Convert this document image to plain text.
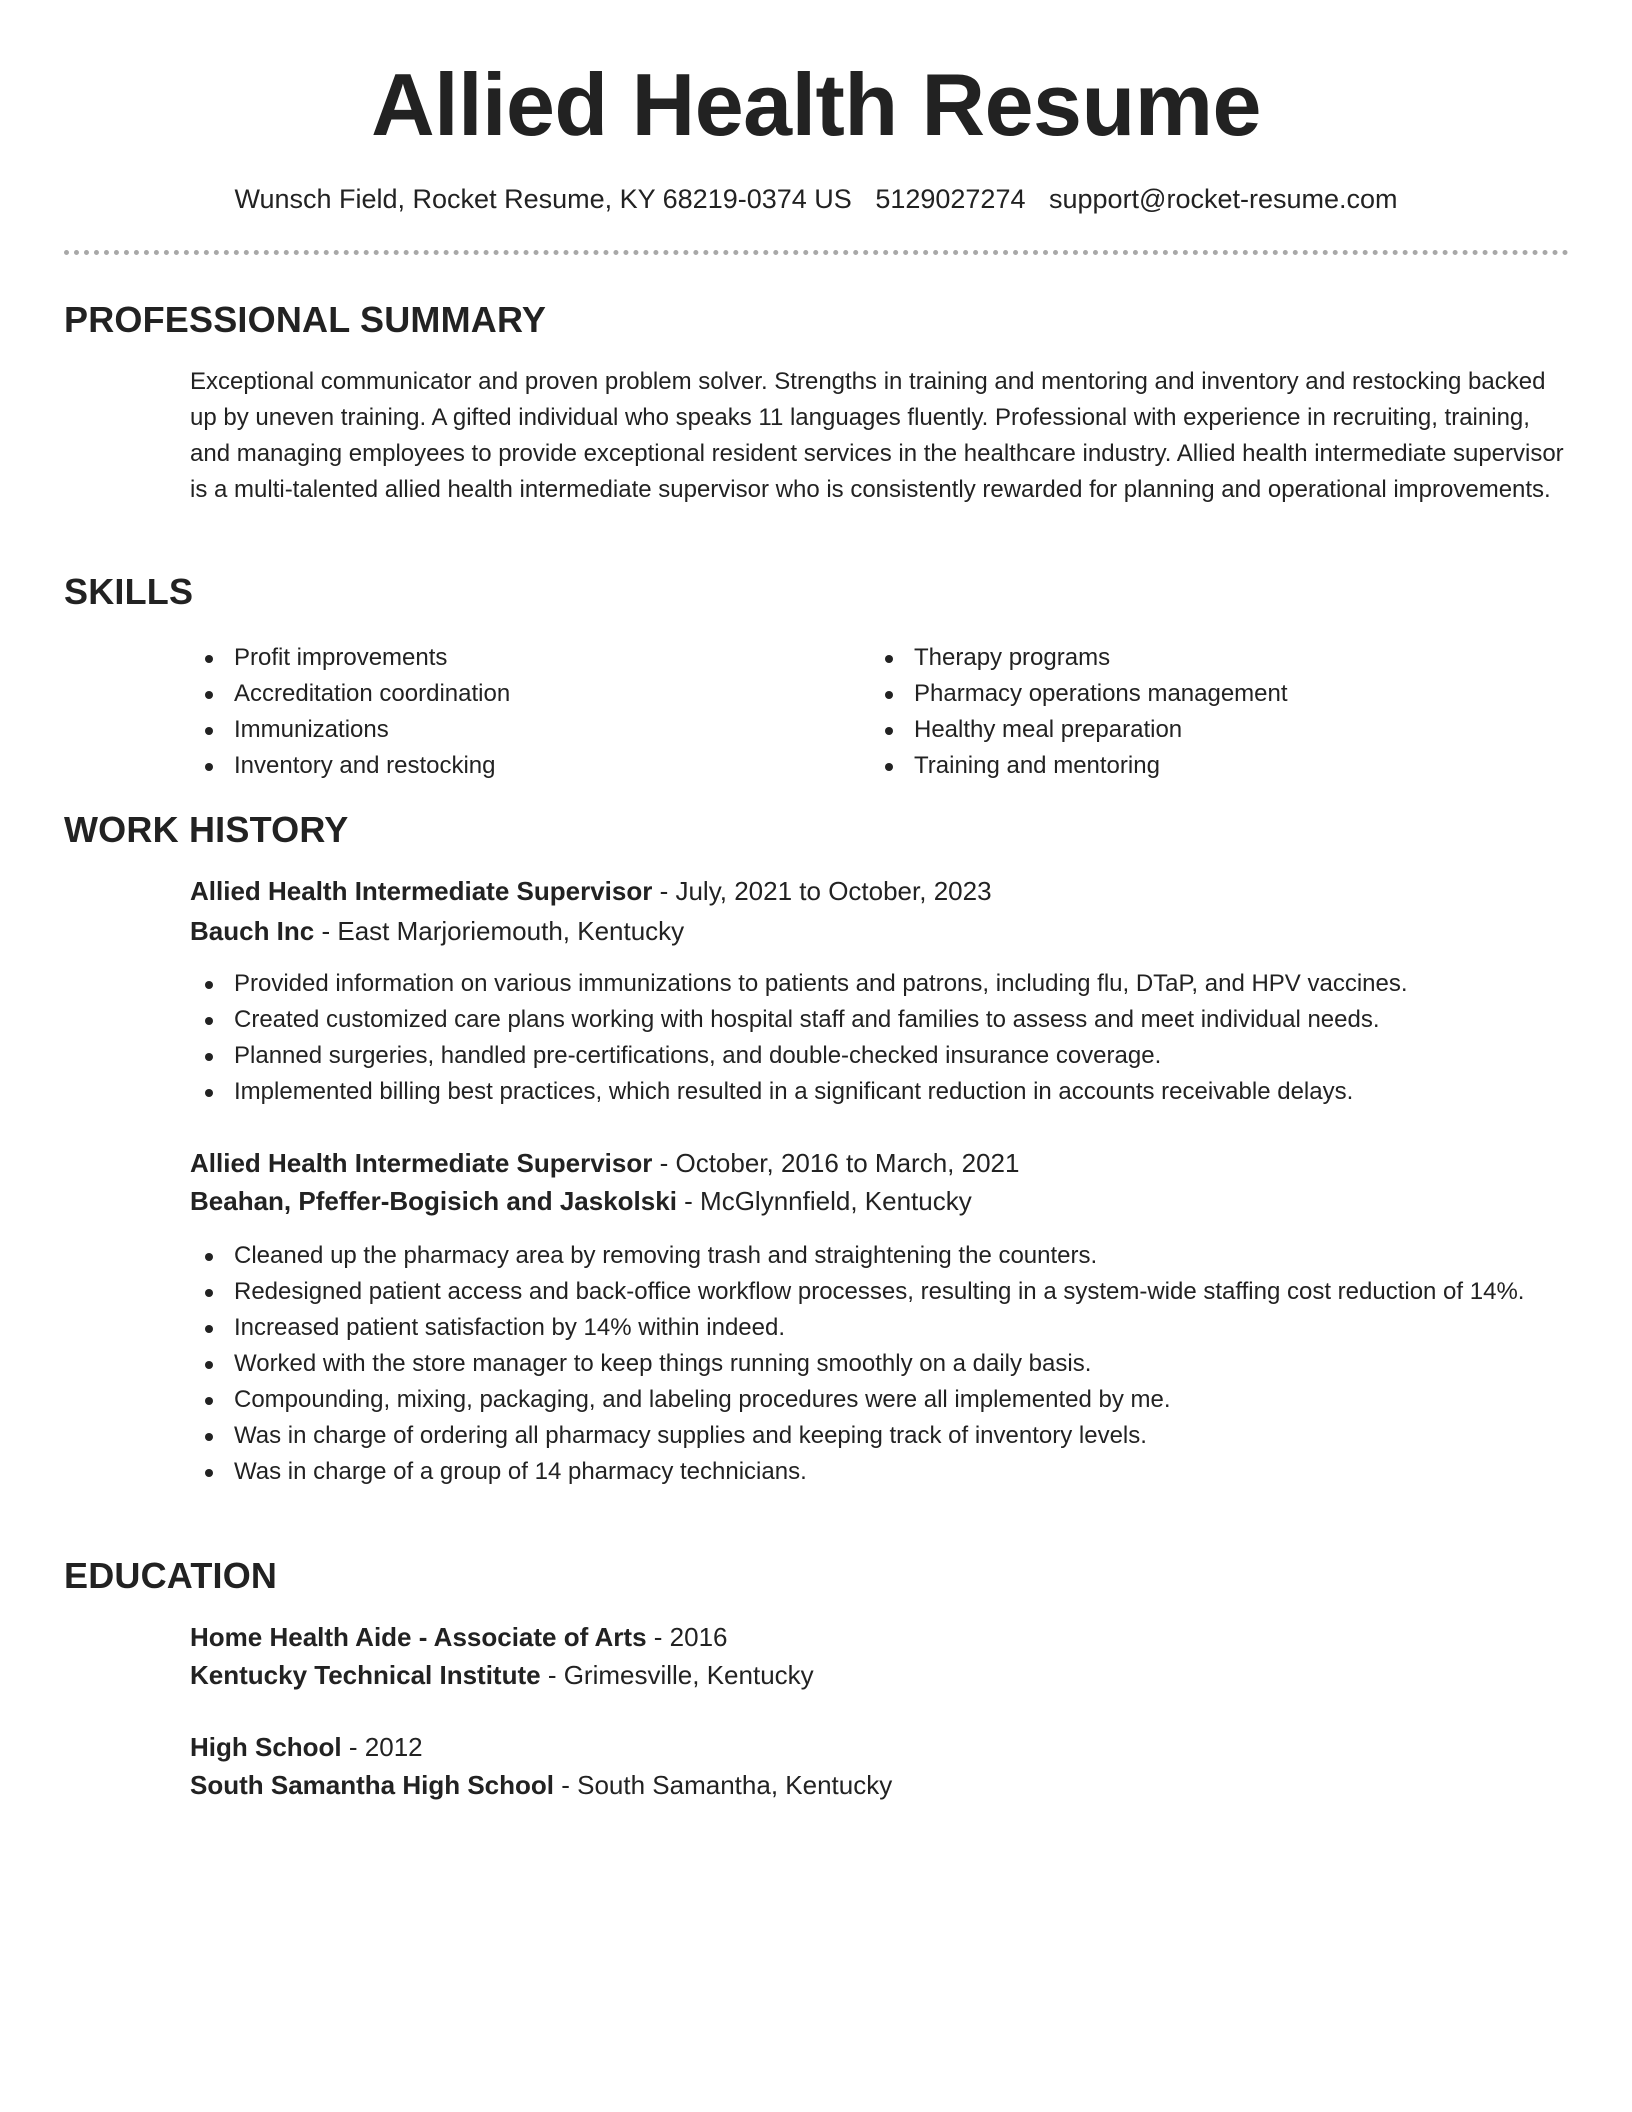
Allied Health Resume
Wunsch Field, Rocket Resume, KY 68219-0374 US 5129027274 support@rocket-resume.com
PROFESSIONAL SUMMARY
Exceptional communicator and proven problem solver. Strengths in training and mentoring and inventory and restocking backed up by uneven training. A gifted individual who speaks 11 languages fluently. Professional with experience in recruiting, training, and managing employees to provide exceptional resident services in the healthcare industry. Allied health intermediate supervisor is a multi-talented allied health intermediate supervisor who is consistently rewarded for planning and operational improvements.
SKILLS
Profit improvements
Accreditation coordination
Immunizations
Inventory and restocking
Therapy programs
Pharmacy operations management
Healthy meal preparation
Training and mentoring
WORK HISTORY
Allied Health Intermediate Supervisor - July, 2021 to October, 2023
Bauch Inc - East Marjoriemouth, Kentucky
Provided information on various immunizations to patients and patrons, including flu, DTaP, and HPV vaccines.
Created customized care plans working with hospital staff and families to assess and meet individual needs.
Planned surgeries, handled pre-certifications, and double-checked insurance coverage.
Implemented billing best practices, which resulted in a significant reduction in accounts receivable delays.
Allied Health Intermediate Supervisor - October, 2016 to March, 2021
Beahan, Pfeffer-Bogisich and Jaskolski - McGlynnfield, Kentucky
Cleaned up the pharmacy area by removing trash and straightening the counters.
Redesigned patient access and back-office workflow processes, resulting in a system-wide staffing cost reduction of 14%.
Increased patient satisfaction by 14% within indeed.
Worked with the store manager to keep things running smoothly on a daily basis.
Compounding, mixing, packaging, and labeling procedures were all implemented by me.
Was in charge of ordering all pharmacy supplies and keeping track of inventory levels.
Was in charge of a group of 14 pharmacy technicians.
EDUCATION
Home Health Aide - Associate of Arts - 2016
Kentucky Technical Institute - Grimesville, Kentucky
High School - 2012
South Samantha High School - South Samantha, Kentucky
